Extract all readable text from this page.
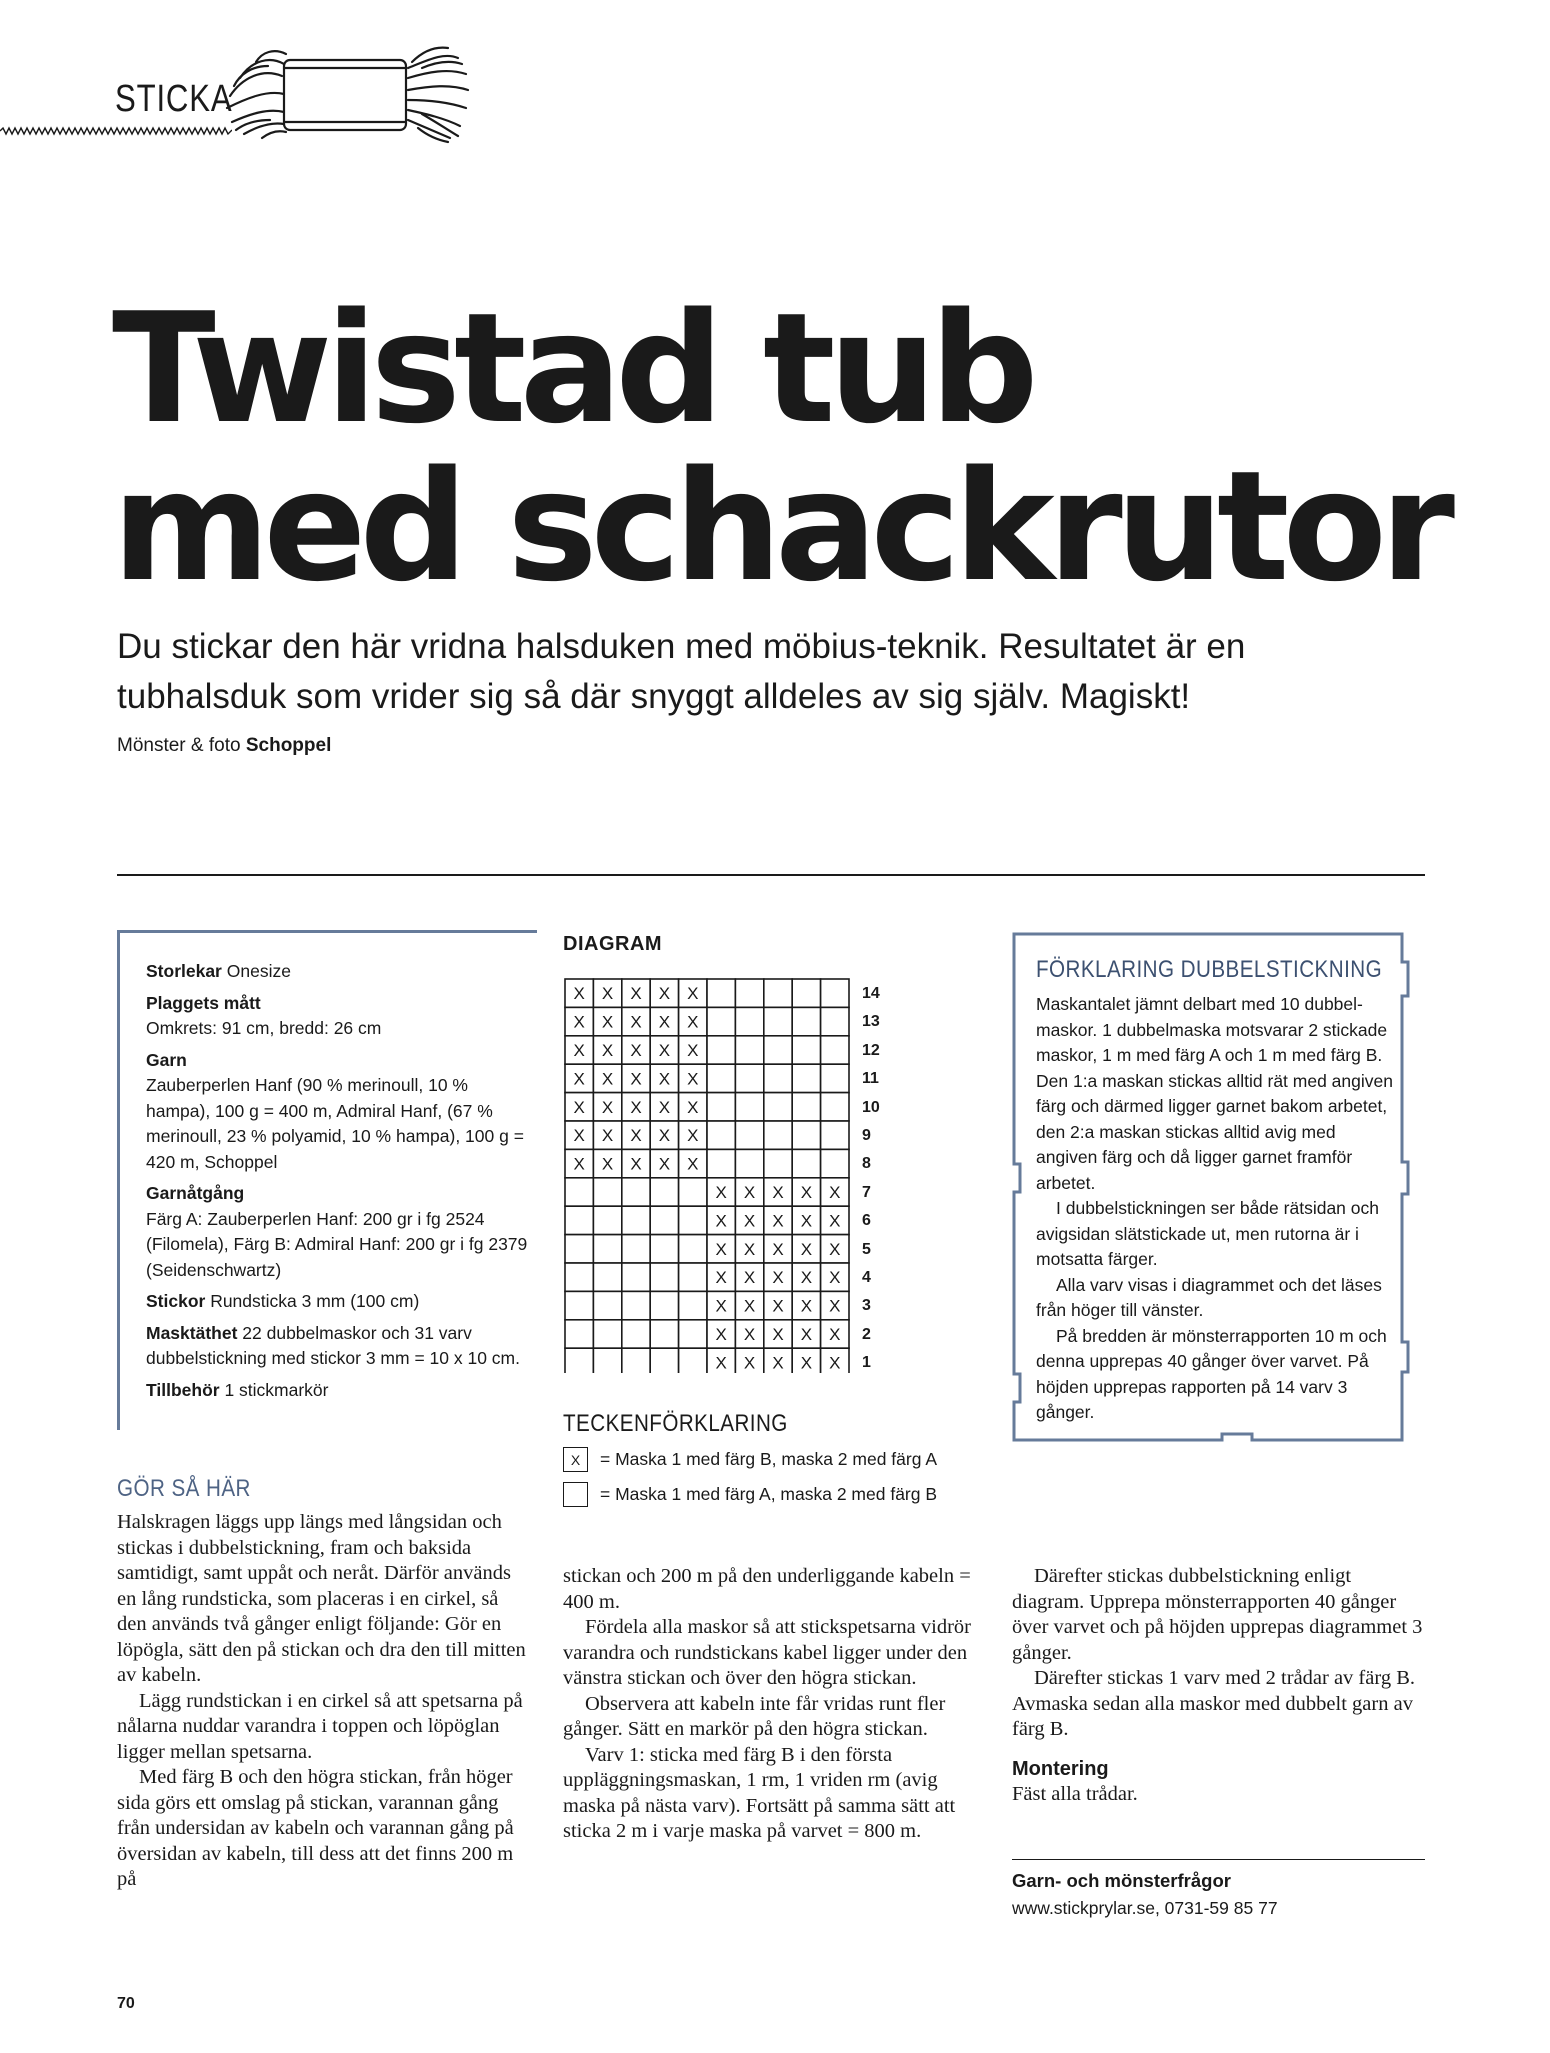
STICKA
Twistad tub
med schackrutor

Du stickar den här vridna halsduken med möbius-teknik. Resultatet är en tubhalsduk som vrider sig så där snyggt alldeles av sig själv. Magiskt!

Mönster & foto Schoppel

Storlekar Onesize
Plaggets mått
Omkrets: 91 cm, bredd: 26 cm
Garn
Zauberperlen Hanf (90 % merinoull, 10 % hampa), 100 g = 400 m, Admiral Hanf, (67 % merinoull, 23 % polyamid, 10 % hampa), 100 g = 420 m, Schoppel
Garnåtgång
Färg A: Zauberperlen Hanf: 200 gr i fg 2524 (Filomela), Färg B: Admiral Hanf: 200 gr i fg 2379 (Seidenschwartz)
Stickor Rundsticka 3 mm (100 cm)
Masktäthet 22 dubbelmaskor och 31 varv dubbelstickning med stickor 3 mm = 10 x 10 cm.
Tillbehör 1 stickmarkör
DIAGRAM
X X X X X
X X X X X
X X X X X
X X X X X
X X X X X
X X X X X
X X X X X
X X X X X
X X X X X
X X X X X
X X X X X
X X X X X
X X X X X
X X X X X
14
13
12
11
10
9
8
7
6
5
4
3
2
1
TECKENFÖRKLARING
X	= Maska 1 med färg B, maska 2 med färg A
= Maska 1 med färg A, maska 2 med färg B
FÖRKLARING DUBBELSTICKNING

Maskantalet jämnt delbart med 10 dubbelmaskor. 1 dubbelmaska motsvarar 2 stickade maskor, 1 m med färg A och 1 m med färg B. Den 1:a maskan stickas alltid rät med angiven färg och därmed ligger garnet bakom arbetet, den 2:a maskan stickas alltid avig med angiven färg och då ligger garnet framför arbetet.

I dubbelstickningen ser både rätsidan och avigsidan slätstickade ut, men rutorna är i motsatta färger.

Alla varv visas i diagrammet och det läses från höger till vänster.

På bredden är mönsterrapporten 10 m och denna upprepas 40 gånger över varvet. På höjden upprepas rapporten på 14 varv 3 gånger.

GÖR SÅ HÄR

Halskragen läggs upp längs med långsidan och stickas i dubbelstickning, fram och baksida samtidigt, samt uppåt och neråt. Därför används en lång rundsticka, som placeras i en cirkel, så den används två gånger enligt följande: Gör en löpögla, sätt den på stickan och dra den till mitten av kabeln.

Lägg rundstickan i en cirkel så att spetsarna på nålarna nuddar varandra i toppen och löpöglan ligger mellan spetsarna.

Med färg B och den högra stickan, från höger sida görs ett omslag på stickan, varannan gång från undersidan av kabeln och varannan gång på översidan av kabeln, till dess att det finns 200 m på

stickan och 200 m på den underliggande kabeln = 400 m.

Fördela alla maskor så att stickspetsarna vidrör varandra och rundstickans kabel ligger under den vänstra stickan och över den högra stickan.

Observera att kabeln inte får vridas runt fler gånger. Sätt en markör på den högra stickan.

Varv 1: sticka med färg B i den första uppläggningsmaskan, 1 rm, 1 vriden rm (avig maska på nästa varv). Fortsätt på samma sätt att sticka 2 m i varje maska på varvet = 800 m.

Därefter stickas dubbelstickning enligt diagram. Upprepa mönsterrapporten 40 gånger över varvet och på höjden upprepas diagrammet 3 gånger.

Därefter stickas 1 varv med 2 trådar av färg B. Avmaska sedan alla maskor med dubbelt garn av färg B.

Montering

Fäst alla trådar.

Garn- och mönsterfrågor
www.stickprylar.se, 0731-59 85 77
70
